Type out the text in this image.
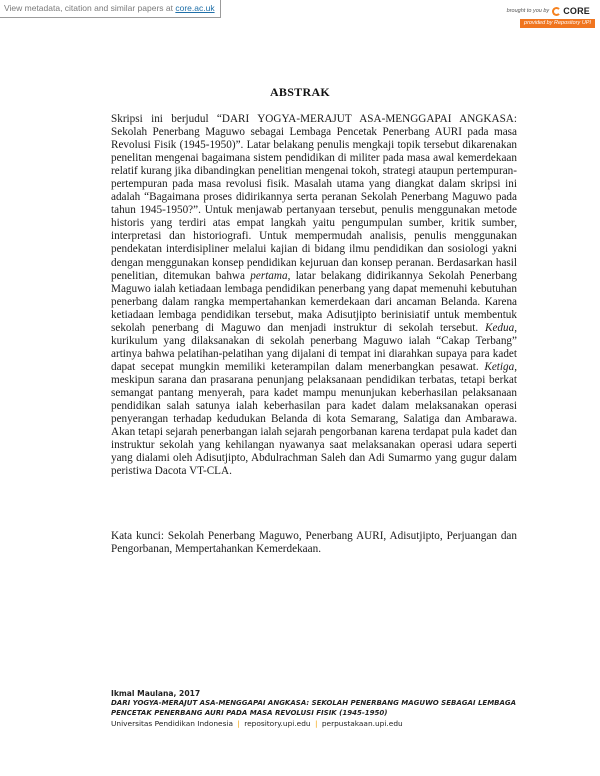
View metadata, citation and similar papers at core.ac.uk	brought to you by CORE
provided by Repository UPI
ABSTRAK

Skripsi ini berjudul “DARI YOGYA-MERAJUT ASA-MENGGAPAI ANGKASA: Sekolah Penerbang Maguwo sebagai Lembaga Pencetak Penerbang AURI pada masa Revolusi Fisik (1945-1950)”. Latar belakang penulis mengkaji topik tersebut dikarenakan penelitan mengenai bagaimana sistem pendidikan di militer pada masa awal kemerdekaan relatif kurang jika dibandingkan penelitian mengenai tokoh, strategi ataupun pertempuran-pertempuran pada masa revolusi fisik. Masalah utama yang diangkat dalam skripsi ini adalah “Bagaimana proses didirikannya serta peranan Sekolah Penerbang Maguwo pada tahun 1945-1950?”. Untuk menjawab pertanyaan tersebut, penulis menggunakan metode historis yang terdiri atas empat langkah yaitu pengumpulan sumber, kritik sumber, interpretasi dan historiografi. Untuk mempermudah analisis, penulis menggunakan pendekatan interdisipliner melalui kajian di bidang ilmu pendidikan dan sosiologi yakni dengan menggunakan konsep pendidikan kejuruan dan konsep peranan. Berdasarkan hasil penelitian, ditemukan bahwa pertama, latar belakang didirikannya Sekolah Penerbang Maguwo ialah ketiadaan lembaga pendidikan penerbang yang dapat memenuhi kebutuhan penerbang dalam rangka mempertahankan kemerdekaan dari ancaman Belanda. Karena ketiadaan lembaga pendidikan tersebut, maka Adisutjipto berinisiatif untuk membentuk sekolah penerbang di Maguwo dan menjadi instruktur di sekolah tersebut. Kedua, kurikulum yang dilaksanakan di sekolah penerbang Maguwo ialah “Cakap Terbang” artinya bahwa pelatihan-pelatihan yang dijalani di tempat ini diarahkan supaya para kadet dapat secepat mungkin memiliki keterampilan dalam menerbangkan pesawat. Ketiga, meskipun sarana dan prasarana penunjang pelaksanaan pendidikan terbatas, tetapi berkat semangat pantang menyerah, para kadet mampu menunjukan keberhasilan pelaksanaan pendidikan salah satunya ialah keberhasilan para kadet dalam melaksanakan operasi penyerangan terhadap kedudukan Belanda di kota Semarang, Salatiga dan Ambarawa. Akan tetapi sejarah penerbangan ialah sejarah pengorbanan karena terdapat pula kadet dan instruktur sekolah yang kehilangan nyawanya saat melaksanakan operasi udara seperti yang dialami oleh Adisutjipto, Abdulrachman Saleh dan Adi Sumarmo yang gugur dalam peristiwa Dacota VT-CLA.

Kata kunci: Sekolah Penerbang Maguwo, Penerbang AURI, Adisutjipto, Perjuangan dan Pengorbanan, Mempertahankan Kemerdekaan.

Ikmal Maulana, 2017
DARI YOGYA-MERAJUT ASA-MENGGAPAI ANGKASA: SEKOLAH PENERBANG MAGUWO SEBAGAI LEMBAGA PENCETAK PENERBANG AURI PADA MASA REVOLUSI FISIK (1945-1950)
Universitas Pendidikan Indonesia | repository.upi.edu | perpustakaan.upi.edu
